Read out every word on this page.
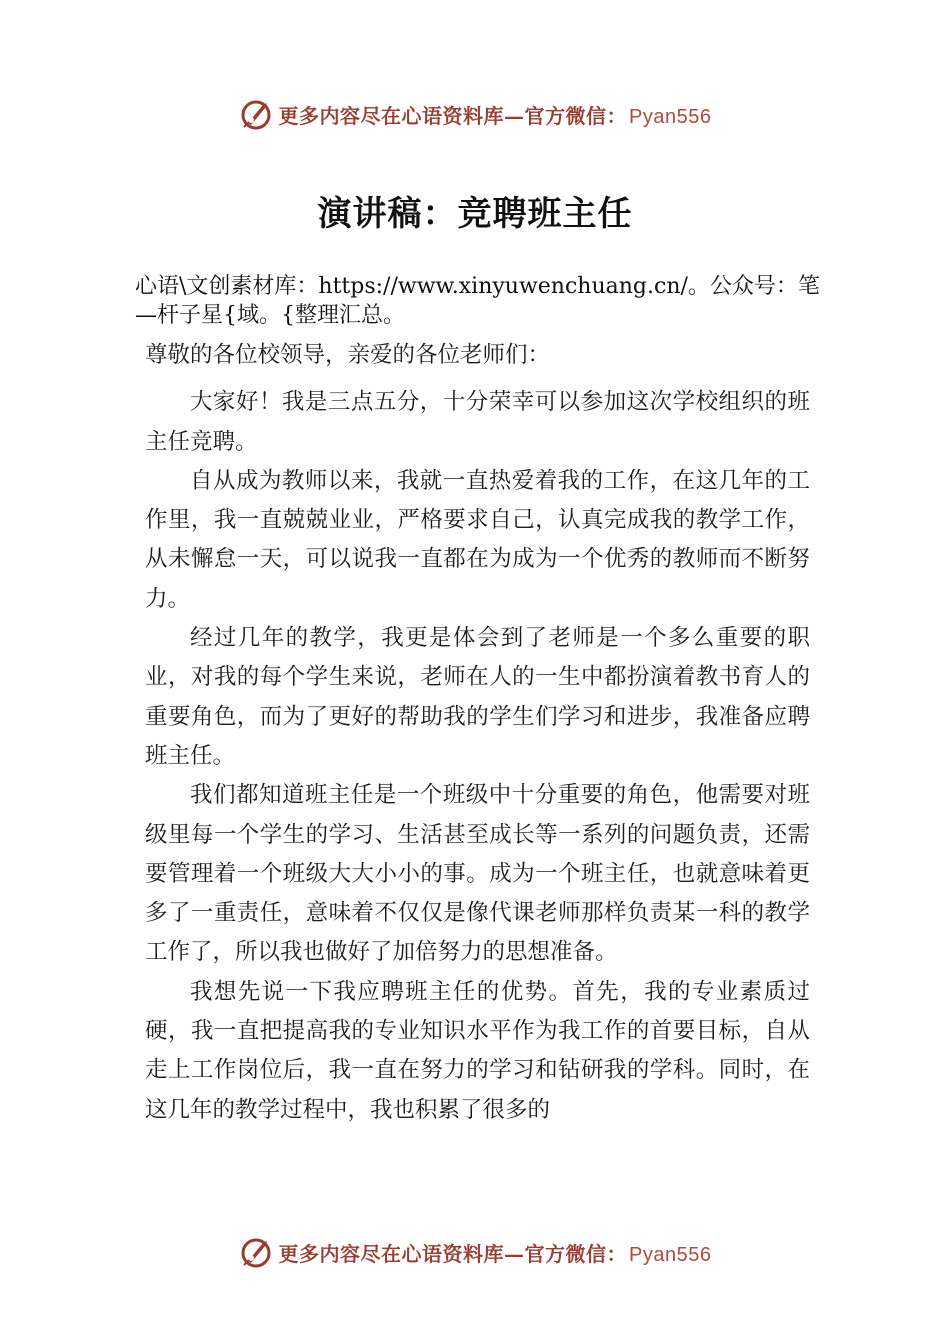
更多内容尽在心语资料库—官方微信： Pyan556
演讲稿：竞聘班主任
心语\文创素材库：https://www.xinyuwenchuang.cn/。公众号：笔—杆子星{域。{整理汇总。

尊敬的各位校领导，亲爱的各位老师们：

大家好！我是三点五分，十分荣幸可以参加这次学校组织的班主任竞聘。

自从成为教师以来，我就一直热爱着我的工作，在这几年的工作里，我一直兢兢业业，严格要求自己，认真完成我的教学工作，从未懈怠一天，可以说我一直都在为成为一个优秀的教师而不断努力。

经过几年的教学，我更是体会到了老师是一个多么重要的职业，对我的每个学生来说，老师在人的一生中都扮演着教书育人的重要角色，而为了更好的帮助我的学生们学习和进步，我准备应聘班主任。

我们都知道班主任是一个班级中十分重要的角色，他需要对班级里每一个学生的学习、生活甚至成长等一系列的问题负责，还需要管理着一个班级大大小小的事。成为一个班主任，也就意味着更多了一重责任，意味着不仅仅是像代课老师那样负责某一科的教学工作了，所以我也做好了加倍努力的思想准备。

我想先说一下我应聘班主任的优势。首先，我的专业素质过硬，我一直把提高我的专业知识水平作为我工作的首要目标，自从走上工作岗位后，我一直在努力的学习和钻研我的学科。同时，在这几年的教学过程中，我也积累了很多的

更多内容尽在心语资料库—官方微信： Pyan556
